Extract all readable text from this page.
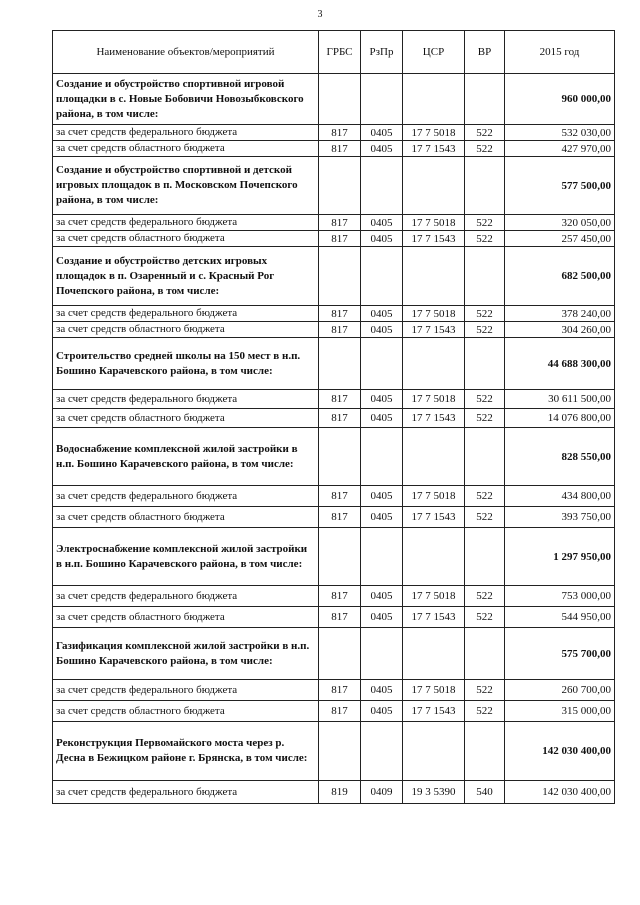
3
Наименование объектов/мероприятий	ГРБС	РзПр	ЦСР	ВР	2015 год
Создание и обустройство спортивной игровой площадки в с. Новые Бобовичи Новозыбковского района, в том числе:					960 000,00
за счет средств федерального бюджета	817	0405	17 7 5018	522	532 030,00
за счет средств областного бюджета	817	0405	17 7 1543	522	427 970,00
Создание и обустройство спортивной и детской игровых площадок в п. Московском Почепского района, в том числе:					577 500,00
за счет средств федерального бюджета	817	0405	17 7 5018	522	320 050,00
за счет средств областного бюджета	817	0405	17 7 1543	522	257 450,00
Создание и обустройство детских игровых площадок в п. Озаренный и с. Красный Рог Почепского района, в том числе:					682 500,00
за счет средств федерального бюджета	817	0405	17 7 5018	522	378 240,00
за счет средств областного бюджета	817	0405	17 7 1543	522	304 260,00
Строительство средней школы на 150 мест в н.п. Бошино Карачевского района, в том числе:					44 688 300,00
за счет средств федерального бюджета	817	0405	17 7 5018	522	30 611 500,00
за счет средств областного бюджета	817	0405	17 7 1543	522	14 076 800,00
Водоснабжение комплексной жилой застройки в н.п. Бошино Карачевского района, в том числе:					828 550,00
за счет средств федерального бюджета	817	0405	17 7 5018	522	434 800,00
за счет средств областного бюджета	817	0405	17 7 1543	522	393 750,00
Электроснабжение комплексной жилой застройки в н.п. Бошино Карачевского района, в том числе:					1 297 950,00
за счет средств федерального бюджета	817	0405	17 7 5018	522	753 000,00
за счет средств областного бюджета	817	0405	17 7 1543	522	544 950,00
Газификация комплексной жилой застройки в н.п. Бошино Карачевского района, в том числе:					575 700,00
за счет средств федерального бюджета	817	0405	17 7 5018	522	260 700,00
за счет средств областного бюджета	817	0405	17 7 1543	522	315 000,00
Реконструкция Первомайского моста через р. Десна в Бежицком районе г. Брянска, в том числе:					142 030 400,00
за счет средств федерального бюджета	819	0409	19 3 5390	540	142 030 400,00
